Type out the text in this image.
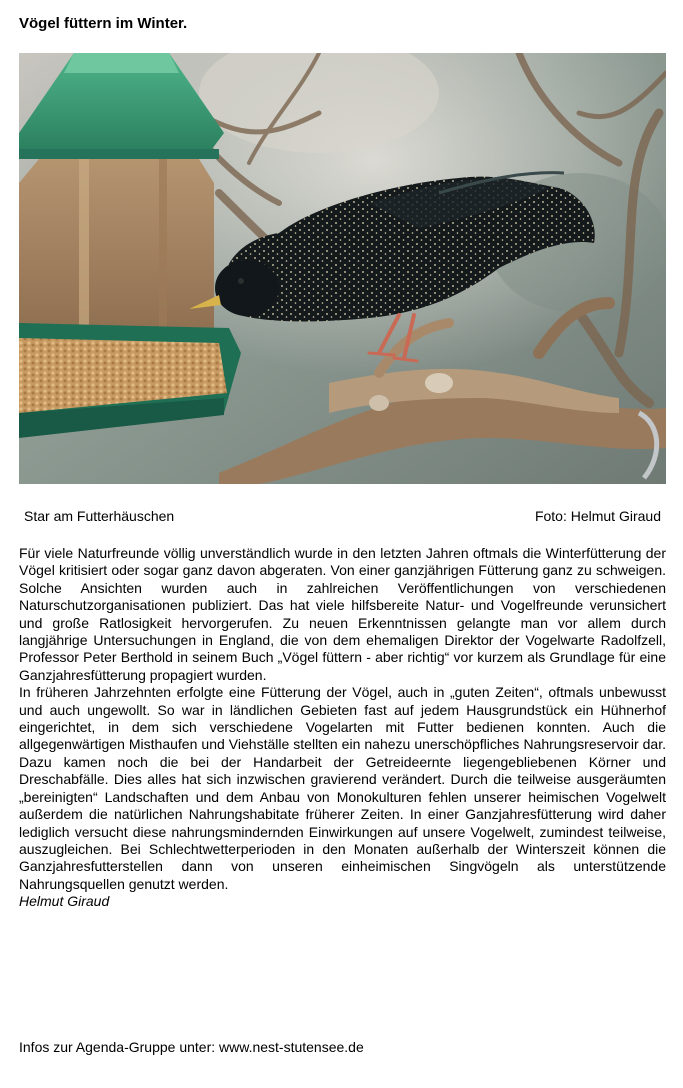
Vögel füttern im Winter.
Star am Futterhäuschen	Foto: Helmut Giraud

Für viele Naturfreunde völlig unverständlich wurde in den letzten Jahren oftmals die Winterfütterung der Vögel kritisiert oder sogar ganz davon abgeraten. Von einer ganzjährigen Fütterung ganz zu schweigen. Solche Ansichten wurden auch in zahlreichen Veröffentlichungen von verschiedenen Naturschutzorganisationen publiziert. Das hat viele hilfsbereite Natur- und Vogelfreunde verunsichert und große Ratlosigkeit hervorgerufen. Zu neuen Erkenntnissen gelangte man vor allem durch langjährige Untersuchungen in England, die von dem ehemaligen Direktor der Vogelwarte Radolfzell, Professor Peter Berthold in seinem Buch „Vögel füttern - aber richtig“ vor kurzem als Grundlage für eine Ganzjahresfütterung propagiert wurden.

In früheren Jahrzehnten erfolgte eine Fütterung der Vögel, auch in „guten Zeiten“, oftmals unbewusst und auch ungewollt. So war in ländlichen Gebieten fast auf jedem Hausgrundstück ein Hühnerhof eingerichtet, in dem sich verschiedene Vogelarten mit Futter bedienen konnten. Auch die allgegenwärtigen Misthaufen und Viehställe stellten ein nahezu unerschöpfliches Nahrungsreservoir dar. Dazu kamen noch die bei der Handarbeit der Getreideernte liegengebliebenen Körner und Dreschabfälle. Dies alles hat sich inzwischen gravierend verändert. Durch die teilweise ausgeräumten „bereinigten“ Landschaften und dem Anbau von Monokulturen fehlen unserer heimischen Vogelwelt außerdem die natürlichen Nahrungshabitate früherer Zeiten. In einer Ganzjahresfütterung wird daher lediglich versucht diese nahrungsmindernden Einwirkungen auf unsere Vogelwelt, zumindest teilweise, auszugleichen. Bei Schlechtwetterperioden in den Monaten außerhalb der Winterszeit können die Ganzjahresfutterstellen dann von unseren einheimischen Singvögeln als unterstützende Nahrungsquellen genutzt werden.

Helmut Giraud

Infos zur Agenda-Gruppe unter: www.nest-stutensee.de
